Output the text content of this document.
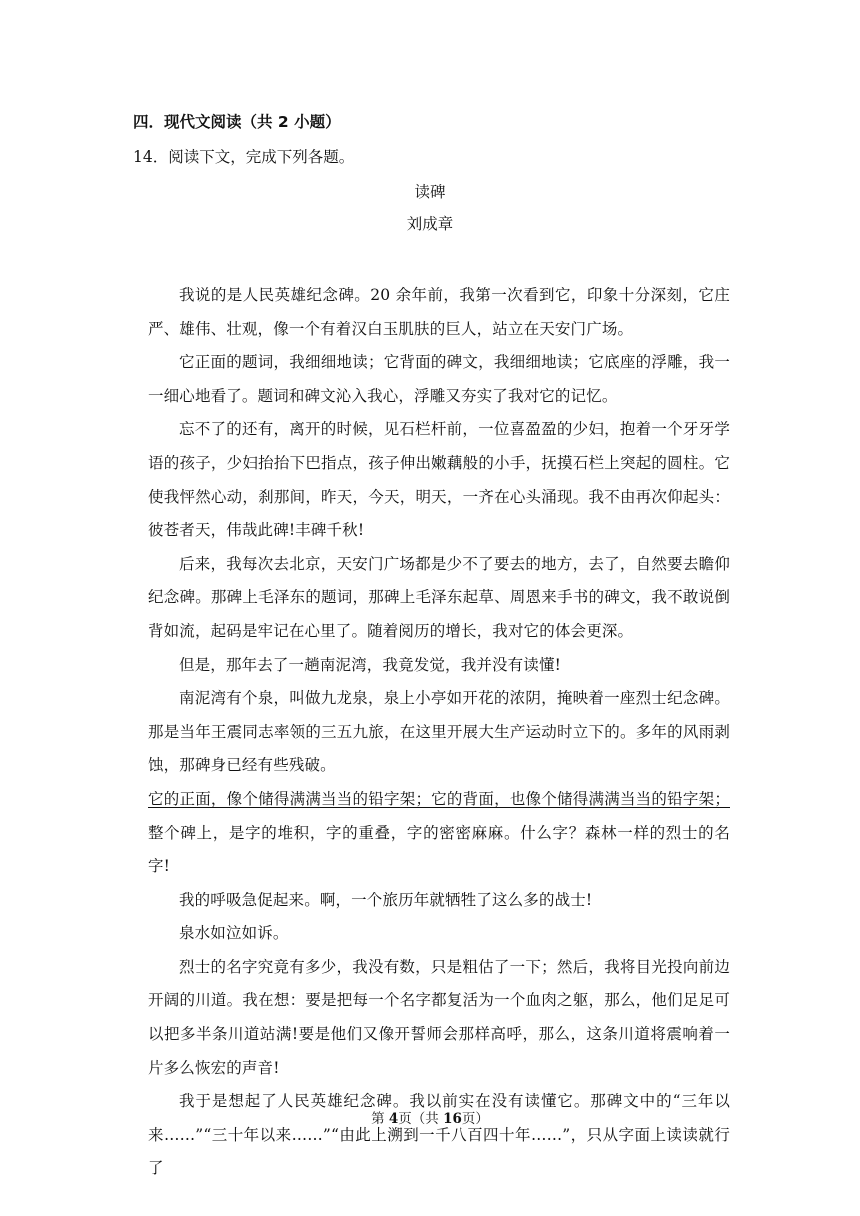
四．现代文阅读（共 2 小题）
14．阅读下文，完成下列各题。
读碑
刘成章

我说的是人民英雄纪念碑。20 余年前，我第一次看到它，印象十分深刻，它庄严、雄伟、壮观，像一个有着汉白玉肌肤的巨人，站立在天安门广场。

它正面的题词，我细细地读；它背面的碑文，我细细地读；它底座的浮雕，我一一细心地看了。题词和碑文沁入我心，浮雕又夯实了我对它的记忆。

忘不了的还有，离开的时候，见石栏杆前，一位喜盈盈的少妇，抱着一个牙牙学语的孩子，少妇抬抬下巴指点，孩子伸出嫩藕般的小手，抚摸石栏上突起的圆柱。它使我怦然心动，刹那间，昨天，今天，明天，一齐在心头涌现。我不由再次仰起头：彼苍者天，伟哉此碑!丰碑千秋!

后来，我每次去北京，天安门广场都是少不了要去的地方，去了，自然要去瞻仰纪念碑。那碑上毛泽东的题词，那碑上毛泽东起草、周恩来手书的碑文，我不敢说倒背如流，起码是牢记在心里了。随着阅历的增长，我对它的体会更深。

但是，那年去了一趟南泥湾，我竟发觉，我并没有读懂!

南泥湾有个泉，叫做九龙泉，泉上小亭如开花的浓阴，掩映着一座烈士纪念碑。那是当年王震同志率领的三五九旅，在这里开展大生产运动时立下的。多年的风雨剥蚀，那碑身已经有些残破。

它的正面，像个储得满满当当的铅字架；它的背面，也像个储得满满当当的铅字架；整个碑上，是字的堆积，字的重叠，字的密密麻麻。什么字？森林一样的烈士的名字!

我的呼吸急促起来。啊，一个旅历年就牺牲了这么多的战士!

泉水如泣如诉。

烈士的名字究竟有多少，我没有数，只是粗估了一下；然后，我将目光投向前边开阔的川道。我在想：要是把每一个名字都复活为一个血肉之躯，那么，他们足足可以把多半条川道站满!要是他们又像开誓师会那样高呼，那么，这条川道将震响着一片多么恢宏的声音!

我于是想起了人民英雄纪念碑。我以前实在没有读懂它。那碑文中的“三年以来……”“三十年以来……”“由此上溯到一千八百四十年……”，只从字面上读读就行了

第 4页（共 16页）
